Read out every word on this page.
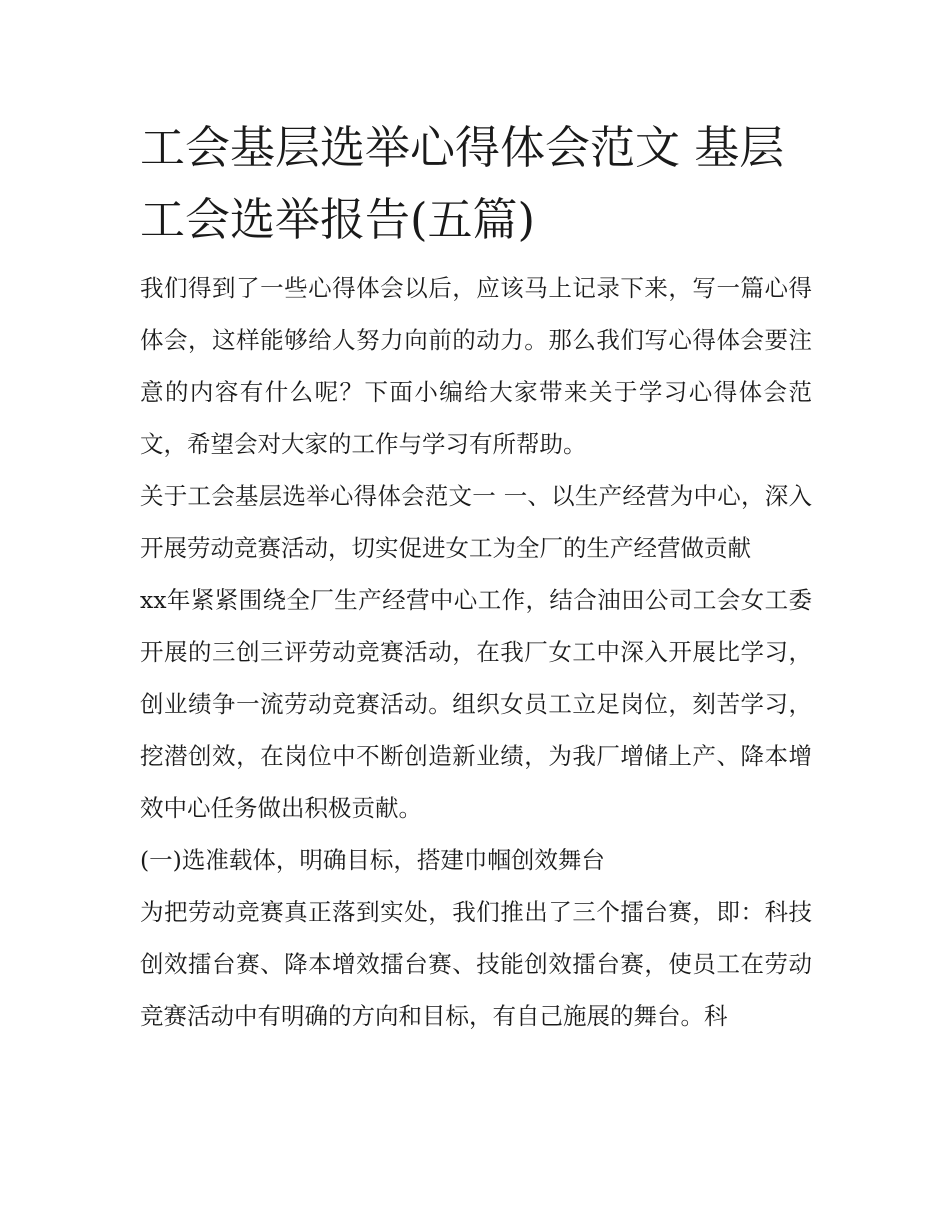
工会基层选举心得体会范文 基层工会选举报告(五篇)

我们得到了一些心得体会以后，应该马上记录下来，写一篇心得体会，这样能够给人努力向前的动力。那么我们写心得体会要注意的内容有什么呢？下面小编给大家带来关于学习心得体会范文，希望会对大家的工作与学习有所帮助。

关于工会基层选举心得体会范文一 一、以生产经营为中心，深入开展劳动竞赛活动，切实促进女工为全厂的生产经营做贡献

xx年紧紧围绕全厂生产经营中心工作，结合油田公司工会女工委开展的三创三评劳动竞赛活动，在我厂女工中深入开展比学习，创业绩争一流劳动竞赛活动。组织女员工立足岗位，刻苦学习，挖潜创效，在岗位中不断创造新业绩，为我厂增储上产、降本增效中心任务做出积极贡献。

(一)选准载体，明确目标，搭建巾帼创效舞台

为把劳动竞赛真正落到实处，我们推出了三个擂台赛，即：科技创效擂台赛、降本增效擂台赛、技能创效擂台赛，使员工在劳动竞赛活动中有明确的方向和目标，有自己施展的舞台。科
